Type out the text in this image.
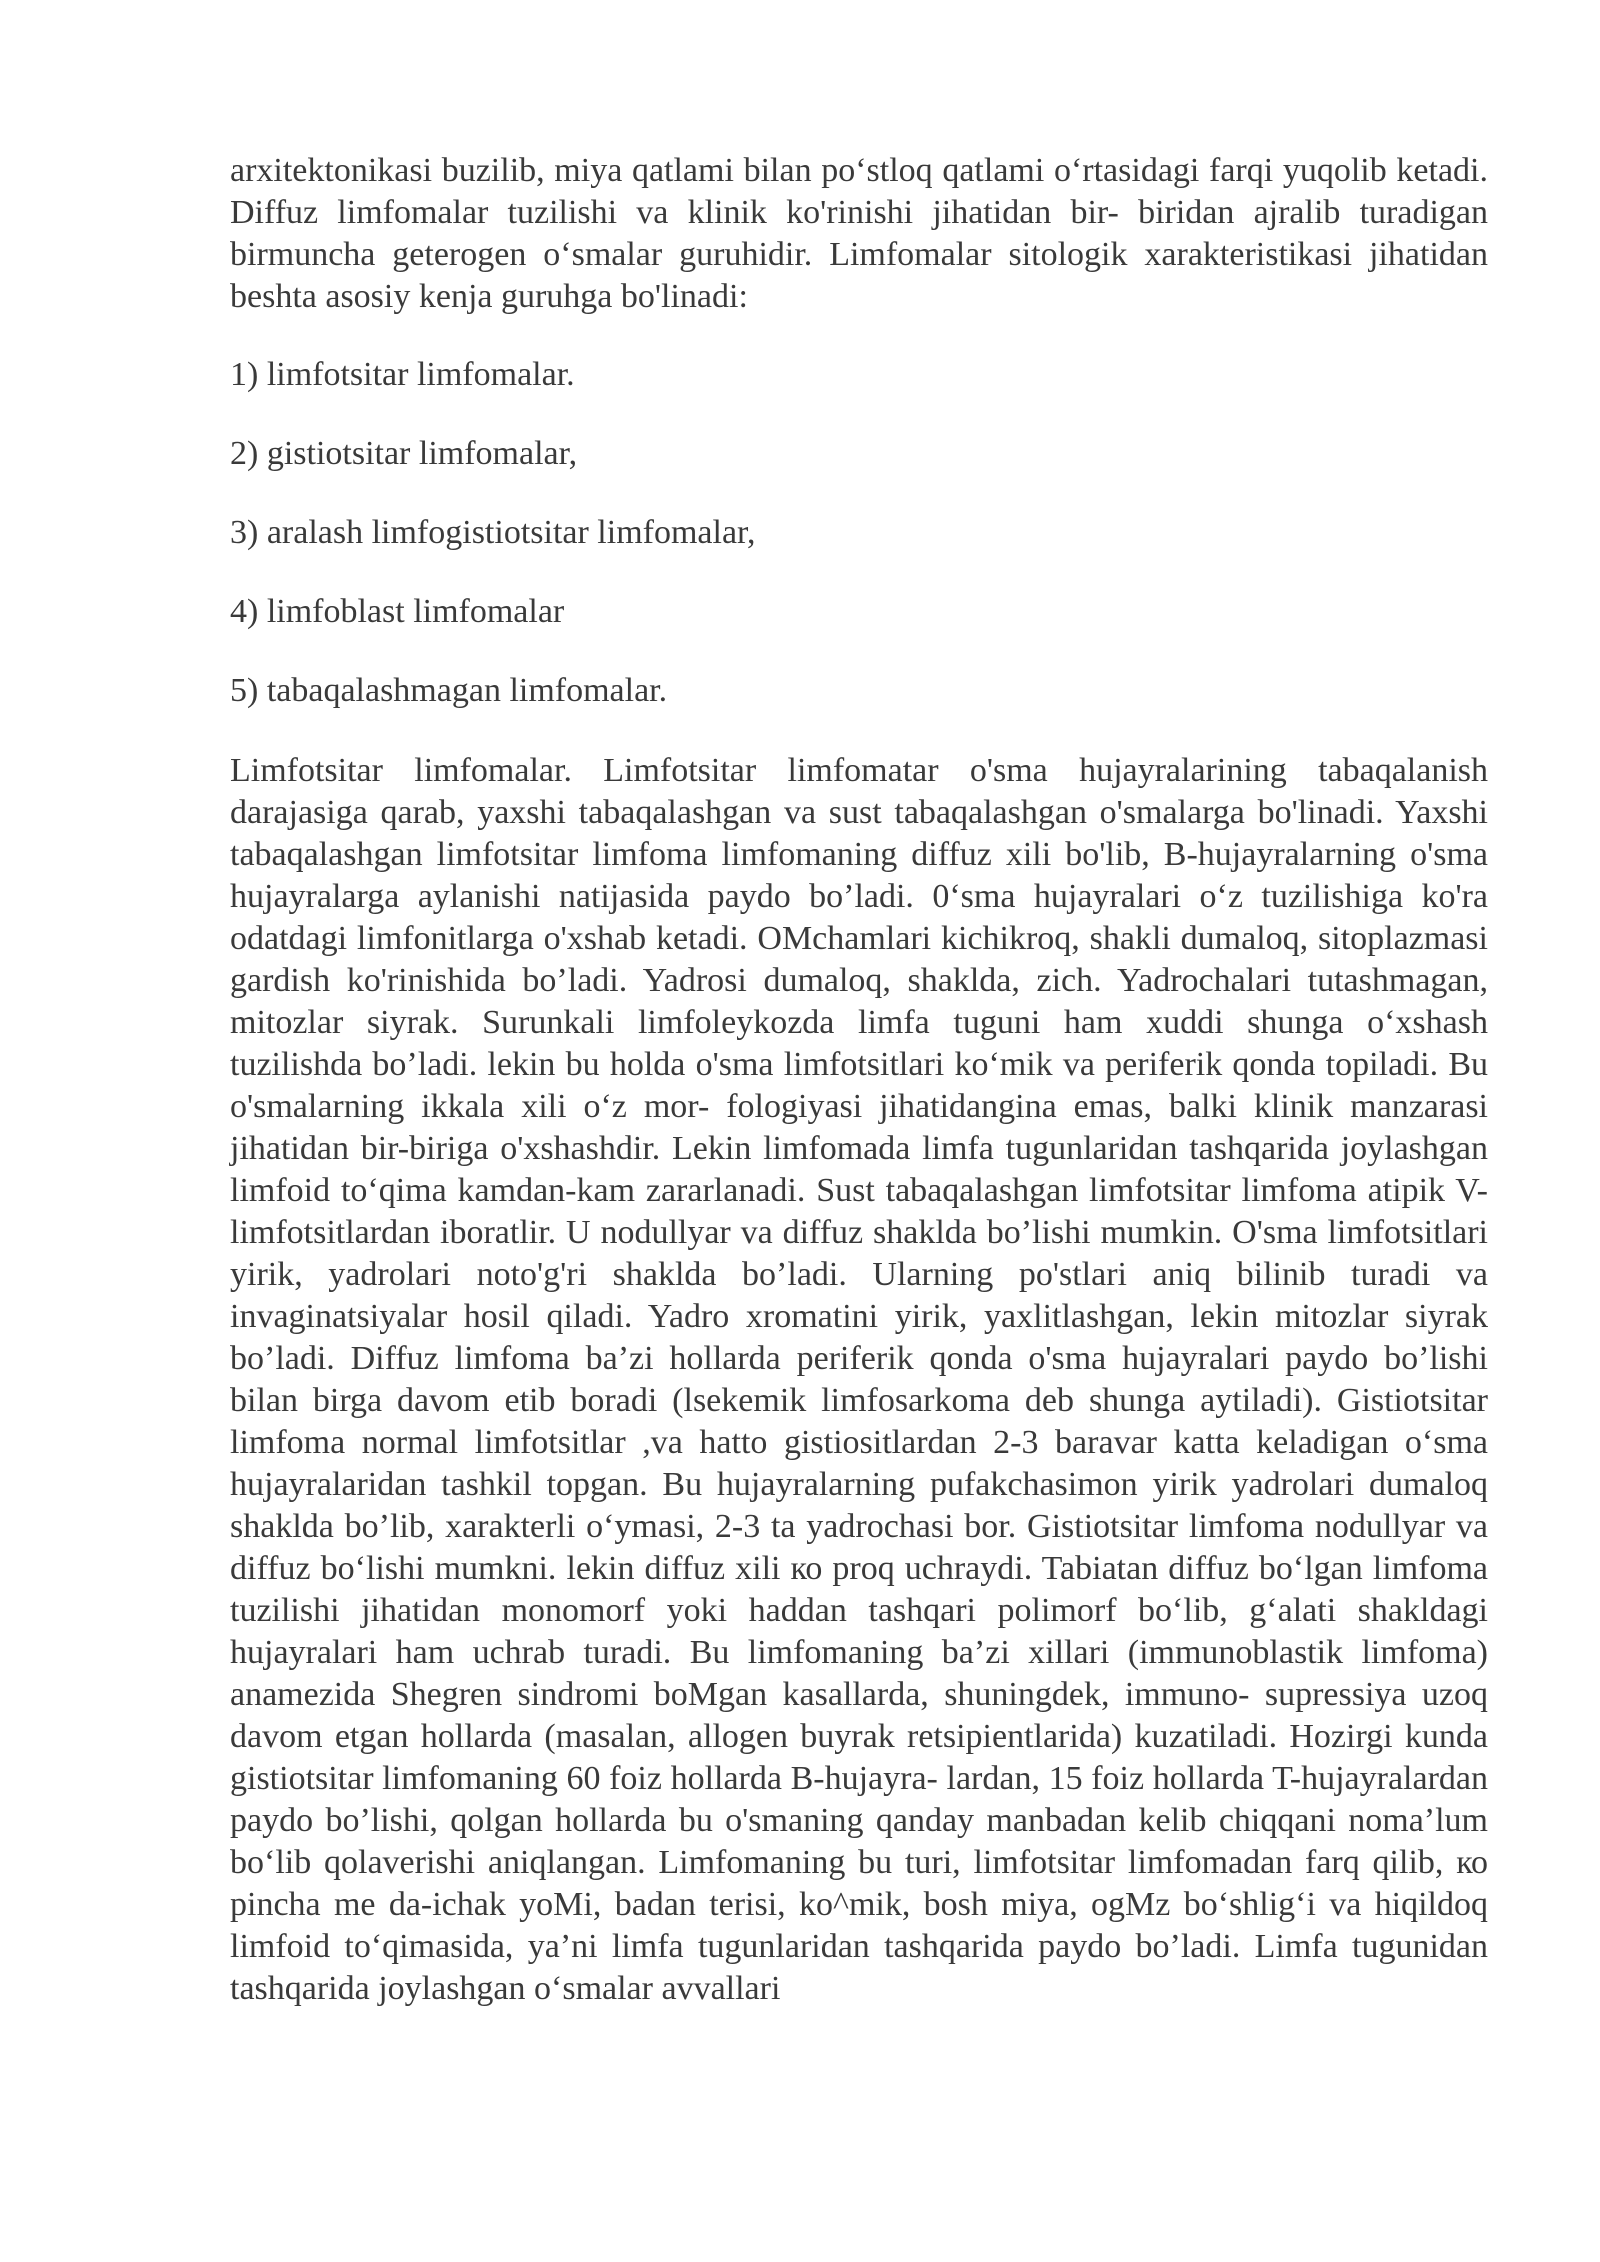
arxitektonikasi buzilib, miya qatlami bilan po‘stloq qatlami o‘rtasidagi farqi yuqolib ketadi. Diffuz limfomalar tuzilishi va klinik ko'rinishi jihatidan bir- biridan ajralib turadigan birmuncha geterogen o‘smalar guruhidir. Limfomalar sitologik xarakteristikasi jihatidan beshta asosiy kenja guruhga bo'linadi:

1) limfotsitar limfomalar.
2) gistiotsitar limfomalar,
3) aralash limfogistiotsitar limfomalar,
4) limfoblast limfomalar
5) tabaqalashmagan limfomalar.

Limfotsitar limfomalar. Limfotsitar limfomatar o'sma hujayralarining tabaqalanish darajasiga qarab, yaxshi tabaqalashgan va sust tabaqalashgan o'smalarga bo'linadi. Yaxshi tabaqalashgan limfotsitar limfoma limfomaning diffuz xili bo'lib, B-hujayralarning o'sma hujayralarga aylanishi natijasida paydo bo’ladi. 0‘sma hujayralari o‘z tuzilishiga ko'ra odatdagi limfonitlarga o'xshab ketadi. OMchamlari kichikroq, shakli dumaloq, sitoplazmasi gardish ko'rinishida bo’ladi. Yadrosi dumaloq, shaklda, zich. Yadrochalari tutashmagan, mitozlar siyrak. Surunkali limfoleykozda limfa tuguni ham xuddi shunga o‘xshash tuzilishda bo’ladi. lekin bu holda o'sma limfotsitlari ko‘mik va periferik qonda topiladi. Bu o'smalarning ikkala xili o‘z mor- fologiyasi jihatidangina emas, balki klinik manzarasi jihatidan bir-biriga o'xshashdir. Lekin limfomada limfa tugunlaridan tashqarida joylashgan limfoid to‘qima kamdan-kam zararlanadi. Sust tabaqalashgan limfotsitar limfoma atipik V-limfotsitlardan iboratlir. U nodullyar va diffuz shaklda bo’lishi mumkin. O'sma limfotsitlari yirik, yadrolari noto'g'ri shaklda bo’ladi. Ularning po'stlari aniq bilinib turadi va invaginatsiyalar hosil qiladi. Yadro xromatini yirik, yaxlitlashgan, lekin mitozlar siyrak bo’ladi. Diffuz limfoma ba’zi hollarda periferik qonda o'sma hujayralari paydo bo’lishi bilan birga davom etib boradi (lsekemik limfosarkoma deb shunga aytiladi). Gistiotsitar limfoma normal limfotsitlar ,va hatto gistiositlardan 2-3 baravar katta keladigan o‘sma hujayralaridan tashkil topgan. Bu hujayralarning pufakchasimon yirik yadrolari dumaloq shaklda bo’lib, xarakterli o‘ymasi, 2-3 ta yadrochasi bor. Gistiotsitar limfoma nodullyar va diffuz bo‘lishi mumkni. lekin diffuz xili ко proq uchraydi. Tabiatan diffuz bo‘lgan limfoma tuzilishi jihatidan monomorf yoki haddan tashqari polimorf bo‘lib, g‘alati shakldagi hujayralari ham uchrab turadi. Bu limfomaning ba’zi xillari (immunoblastik limfoma) anamezida Shegren sindromi boMgan kasallarda, shuningdek, immuno- supressiya uzoq davom etgan hollarda (masalan, allogen buyrak retsipientlarida) kuzatiladi. Hozirgi kunda gistiotsitar limfomaning 60 foiz hollarda B-hujayra- lardan, 15 foiz hollarda T-hujayralardan paydo bo’lishi, qolgan hollarda bu o'smaning qanday manbadan kelib chiqqani noma’lum bo‘lib qolaverishi aniqlangan. Limfomaning bu turi, limfotsitar limfomadan farq qilib, ко pincha me da-ichak yoMi, badan terisi, ko^mik, bosh miya, ogMz bo‘shlig‘i va hiqildoq limfoid to‘qimasida, ya’ni limfa tugunlaridan tashqarida paydo bo’ladi. Limfa tugunidan tashqarida joylashgan o‘smalar avvallari
